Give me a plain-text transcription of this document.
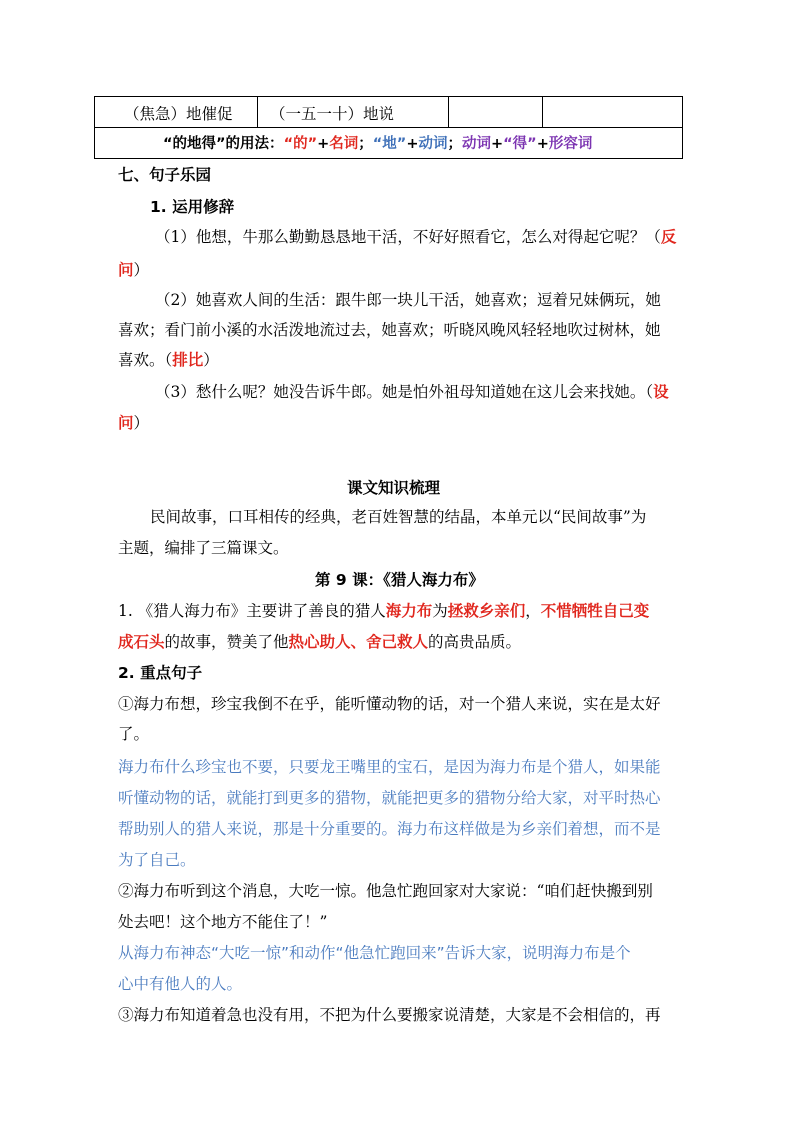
（焦急）地催促 （一五一十）地说
“的地得”的用法：“的”+名词；“地”+动词；动词+“得”+形容词
七、句子乐园
1. 运用修辞
（1）他想，牛那么勤勤恳恳地干活，不好好照看它，怎么对得起它呢？（反
问）
（2）她喜欢人间的生活：跟牛郎一块儿干活，她喜欢；逗着兄妹俩玩，她
喜欢；看门前小溪的水活泼地流过去，她喜欢；听晓风晚风轻轻地吹过树林，她
喜欢。（排比）
（3）愁什么呢？她没告诉牛郎。她是怕外祖母知道她在这儿会来找她。（设
问）
课文知识梳理
民间故事，口耳相传的经典，老百姓智慧的结晶，本单元以“民间故事”为
主题，编排了三篇课文。
第 9 课：《猎人海力布》
1. 《猎人海力布》主要讲了善良的猎人海力布为拯救乡亲们，不惜牺牲自己变
成石头的故事，赞美了他热心助人、舍己救人的高贵品质。
2. 重点句子
①海力布想，珍宝我倒不在乎，能听懂动物的话，对一个猎人来说，实在是太好
了。
海力布什么珍宝也不要，只要龙王嘴里的宝石，是因为海力布是个猎人，如果能
听懂动物的话，就能打到更多的猎物，就能把更多的猎物分给大家，对平时热心
帮助别人的猎人来说，那是十分重要的。海力布这样做是为乡亲们着想，而不是
为了自己。
②海力布听到这个消息，大吃一惊。他急忙跑回家对大家说：“咱们赶快搬到别
处去吧！这个地方不能住了！”
从海力布神态“大吃一惊”和动作“他急忙跑回来”告诉大家，说明海力布是个
心中有他人的人。
③海力布知道着急也没有用，不把为什么要搬家说清楚，大家是不会相信的，再
